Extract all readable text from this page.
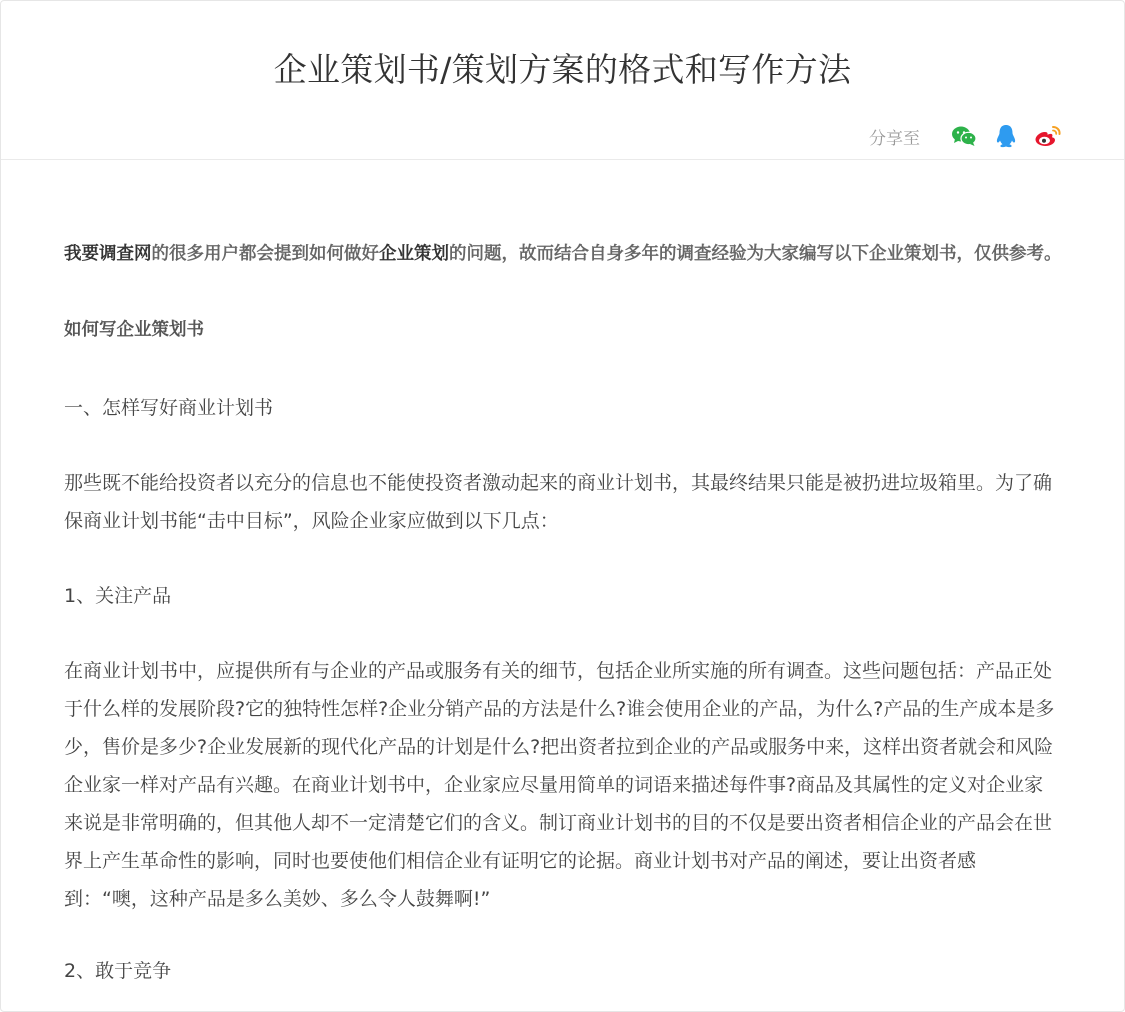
企业策划书/策划方案的格式和写作方法
分享至

我要调查网的很多用户都会提到如何做好企业策划的问题，故而结合自身多年的调查经验为大家编写以下企业策划书，仅供参考。

如何写企业策划书

一、怎样写好商业计划书

那些既不能给投资者以充分的信息也不能使投资者激动起来的商业计划书，其最终结果只能是被扔进垃圾箱里。为了确保商业计划书能“击中目标”，风险企业家应做到以下几点：

1、关注产品

在商业计划书中，应提供所有与企业的产品或服务有关的细节，包括企业所实施的所有调查。这些问题包括：产品正处于什么样的发展阶段?它的独特性怎样?企业分销产品的方法是什么?谁会使用企业的产品，为什么?产品的生产成本是多少，售价是多少?企业发展新的现代化产品的计划是什么?把出资者拉到企业的产品或服务中来，这样出资者就会和风险企业家一样对产品有兴趣。在商业计划书中，企业家应尽量用简单的词语来描述每件事?商品及其属性的定义对企业家来说是非常明确的，但其他人却不一定清楚它们的含义。制订商业计划书的目的不仅是要出资者相信企业的产品会在世界上产生革命性的影响，同时也要使他们相信企业有证明它的论据。商业计划书对产品的阐述，要让出资者感到：“噢，这种产品是多么美妙、多么令人鼓舞啊!”

2、敢于竞争
